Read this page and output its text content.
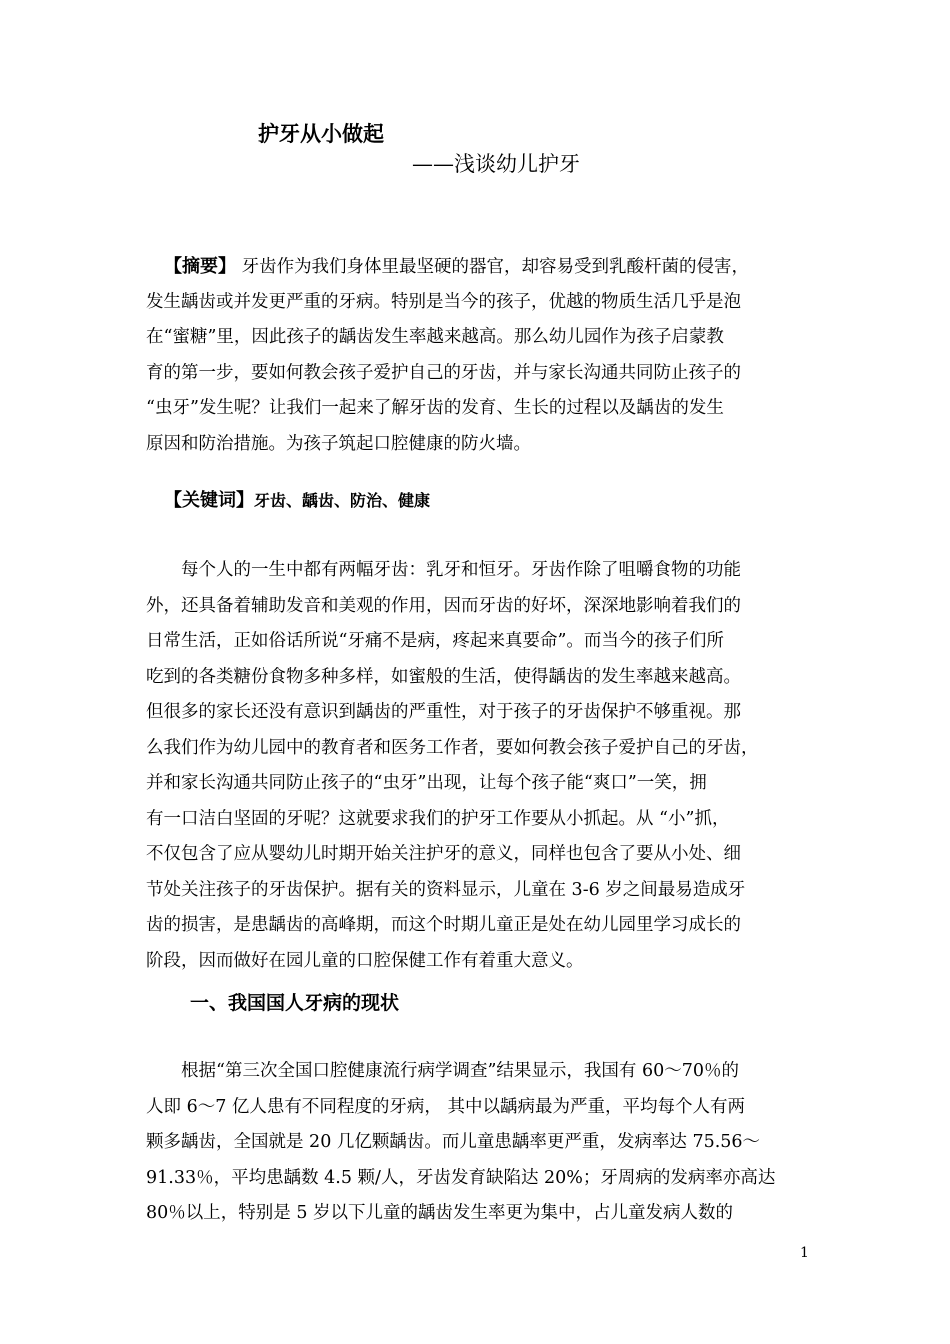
护牙从小做起
——浅谈幼儿护牙
【摘要】 牙齿作为我们身体里最坚硬的器官，却容易受到乳酸杆菌的侵害，
发生龋齿或并发更严重的牙病。特别是当今的孩子，优越的物质生活几乎是泡
在“蜜糖”里，因此孩子的龋齿发生率越来越高。那么幼儿园作为孩子启蒙教
育的第一步，要如何教会孩子爱护自己的牙齿，并与家长沟通共同防止孩子的
“虫牙”发生呢？让我们一起来了解牙齿的发育、生长的过程以及龋齿的发生
原因和防治措施。为孩子筑起口腔健康的防火墙。
【关键词】牙齿、龋齿、防治、健康
每个人的一生中都有两幅牙齿：乳牙和恒牙。牙齿作除了咀嚼食物的功能
外，还具备着辅助发音和美观的作用，因而牙齿的好坏，深深地影响着我们的
日常生活，正如俗话所说“牙痛不是病，疼起来真要命”。而当今的孩子们所
吃到的各类糖份食物多种多样，如蜜般的生活，使得龋齿的发生率越来越高。
但很多的家长还没有意识到龋齿的严重性，对于孩子的牙齿保护不够重视。那
么我们作为幼儿园中的教育者和医务工作者，要如何教会孩子爱护自己的牙齿，
并和家长沟通共同防止孩子的“虫牙”出现，让每个孩子能“爽口”一笑，拥
有一口洁白坚固的牙呢？这就要求我们的护牙工作要从小抓起。从 “小”抓，
不仅包含了应从婴幼儿时期开始关注护牙的意义，同样也包含了要从小处、细
节处关注孩子的牙齿保护。据有关的资料显示，儿童在 3-6 岁之间最易造成牙
齿的损害，是患龋齿的高峰期，而这个时期儿童正是处在幼儿园里学习成长的
阶段，因而做好在园儿童的口腔保健工作有着重大意义。
一、我国国人牙病的现状
根据“第三次全国口腔健康流行病学调查”结果显示，我国有 60～70％的
人即 6～7 亿人患有不同程度的牙病， 其中以龋病最为严重，平均每个人有两
颗多龋齿，全国就是 20 几亿颗龋齿。而儿童患龋率更严重，发病率达 75.56～
91.33％，平均患龋数 4.5 颗/人，牙齿发育缺陷达 20%；牙周病的发病率亦高达
80％以上，特别是 5 岁以下儿童的龋齿发生率更为集中，占儿童发病人数的
1
